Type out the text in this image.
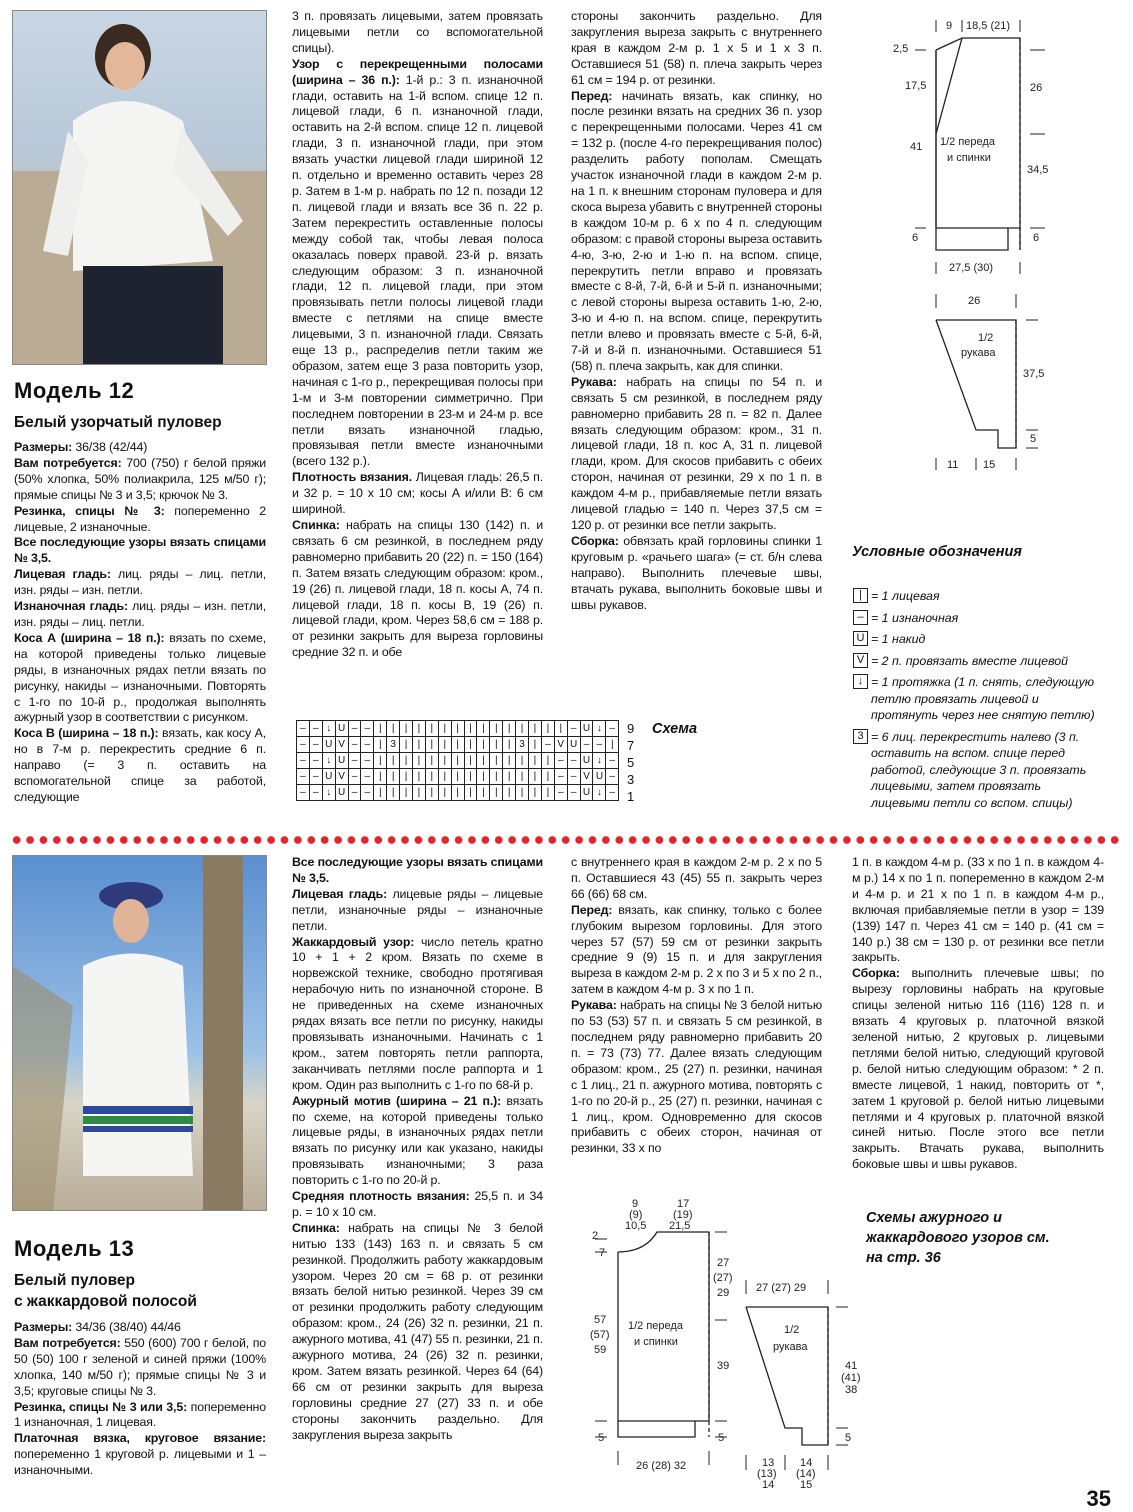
Модель 12
Белый узорчатый пуловер

Размеры: 36/38 (42/44)

Вам потребуется: 700 (750) г белой пряжи (50% хлопка, 50% полиакрила, 125 м/50 г); прямые спицы № 3 и 3,5; крючок № 3.

Резинка, спицы № 3: попеременно 2 лицевые, 2 изнаночные.

Все последующие узоры вязать спицами № 3,5.

Лицевая гладь: лиц. ряды – лиц. петли, изн. ряды – изн. петли.

Изнаночная гладь: лиц. ряды – изн. петли, изн. ряды – лиц. петли.

Коса А (ширина – 18 п.): вязать по схеме, на которой приведены только лицевые ряды, в изнаночных рядах петли вязать по рисунку, накиды – изнаночными. Повторять с 1-го по 10-й р., продолжая выполнять ажурный узор в соответствии с рисунком.

Коса В (ширина – 18 п.): вязать, как косу А, но в 7-м р. перекрестить средние 6 п. направо (= 3 п. оставить на вспомогательной спице за работой, следующие

3 п. провязать лицевыми, затем провязать лицевыми петли со вспомогательной спицы).

Узор с перекрещенными полосами (ширина – 36 п.): 1-й р.: 3 п. изнаночной глади, оставить на 1-й вспом. спице 12 п. лицевой глади, 6 п. изнаночной глади, оставить на 2-й вспом. спице 12 п. лицевой глади, 3 п. изнаночной глади, при этом вязать участки лицевой глади шириной 12 п. отдельно и временно оставить через 28 р. Затем в 1-м р. набрать по 12 п. позади 12 п. лицевой глади и вязать все 36 п. 22 р. Затем перекрестить оставленные полосы между собой так, чтобы левая полоса оказалась поверх правой. 23-й р. вязать следующим образом: 3 п. изнаночной глади, 12 п. лицевой глади, при этом провязывать петли полосы лицевой глади вместе с петлями на спице вместе лицевыми, 3 п. изнаночной глади. Связать еще 13 р., распределив петли таким же образом, затем еще 3 раза повторить узор, начиная с 1-го р., перекрещивая полосы при 1-м и 3-м повторении симметрично. При последнем повторении в 23-м и 24-м р. все петли вязать изнаночной гладью, провязывая петли вместе изнаночными (всего 132 р.).

Плотность вязания. Лицевая гладь: 26,5 п. и 32 р. = 10 х 10 см; косы А и/или В: 6 см шириной.

Спинка: набрать на спицы 130 (142) п. и связать 6 см резинкой, в последнем ряду равномерно прибавить 20 (22) п. = 150 (164) п. Затем вязать следующим образом: кром., 19 (26) п. лицевой глади, 18 п. косы А, 74 п. лицевой глади, 18 п. косы В, 19 (26) п. лицевой глади, кром. Через 58,6 см = 188 р. от резинки закрыть для выреза горловины средние 32 п. и обе

стороны закончить раздельно. Для закругления выреза закрыть с внутреннего края в каждом 2-м р. 1 х 5 и 1 х 3 п. Оставшиеся 51 (58) п. плеча закрыть через 61 см = 194 р. от резинки.

Перед: начинать вязать, как спинку, но после резинки вязать на средних 36 п. узор с перекрещенными полосами. Через 41 см = 132 р. (после 4-го перекрещивания полос) разделить работу пополам. Смещать участок изнаночной глади в каждом 2-м р. на 1 п. к внешним сторонам пуловера и для скоса выреза убавить с внутренней стороны в каждом 10-м р. 6 х по 4 п. следующим образом: с правой стороны выреза оставить 4-ю, 3-ю, 2-ю и 1-ю п. на вспом. спице, перекрутить петли вправо и провязать вместе с 8-й, 7-й, 6-й и 5-й п. изнаночными; с левой стороны выреза оставить 1-ю, 2-ю, 3-ю и 4-ю п. на вспом. спице, перекрутить петли влево и провязать вместе с 5-й, 6-й, 7-й и 8-й п. изнаночными. Оставшиеся 51 (58) п. плеча закрыть, как для спинки.

Рукава: набрать на спицы по 54 п. и связать 5 см резинкой, в последнем ряду равномерно прибавить 28 п. = 82 п. Далее вязать следующим образом: кром., 31 п. лицевой глади, 18 п. кос А, 31 п. лицевой глади, кром. Для скосов прибавить с обеих сторон, начиная от резинки, 29 х по 1 п. в каждом 4-м р., прибавляемые петли вязать лицевой гладью = 140 п. Через 37,5 см = 120 р. от резинки все петли закрыть.

Сборка: обвязать край горловины спинки 1 круговым р. «рачьего шага» (= ст. б/н слева направо). Выполнить плечевые швы, втачать рукава, выполнить боковые швы и швы рукавов.

–	–	↓	U	–	–	|	|	|	|	|	|	|	|	|	|	|	|	|	|	|	–	U	↓	–
–	–	U	V	–	–	|	3	|	|	|	|	|	|	|	|	|	3	|	–	V	U	–	–	|
–	–	↓	U	–	–	|	|	|	|	|	|	|	|	|	|	|	|	|	|	–	–	U	↓	–
–	–	U	V	–	–	|	|	|	|	|	|	|	|	|	|	|	|	|	|	–	–	V	U	–
–	–	↓	U	–	–	|	|	|	|	|	|	|	|	|	|	|	|	|	|	–	–	U	↓	–
9
7
5
3
1
Схема
9 18,5 (21)
2,5
17,5
41
26
34,5
6	6
27,5 (30)
1/2 переда
и спинки
26
1/2
рукава
37,5
5
11 15
Условные обозначения
| = 1 лицевая
– = 1 изнаночная
U = 1 накид
V = 2 п. провязать вместе лицевой
↓ = 1 протяжка (1 п. снять, следующую петлю провязать лицевой и протянуть через нее снятую петлю)
3 = 6 лиц. перекрестить налево (3 п. оставить на вспом. спице перед работой, следующие 3 п. провязать лицевыми, затем провязать лицевыми петли со вспом. спицы)
Модель 13
Белый пуловер
с жаккардовой полосой

Размеры: 34/36 (38/40) 44/46

Вам потребуется: 550 (600) 700 г белой, по 50 (50) 100 г зеленой и синей пряжи (100% хлопка, 140 м/50 г); прямые спицы № 3 и 3,5; круговые спицы № 3.

Резинка, спицы № 3 или 3,5: попеременно 1 изнаночная, 1 лицевая.

Платочная вязка, круговое вязание: попеременно 1 круговой р. лицевыми и 1 – изнаночными.

Все последующие узоры вязать спицами № 3,5.

Лицевая гладь: лицевые ряды – лицевые петли, изнаночные ряды – изнаночные петли.

Жаккардовый узор: число петель кратно 10 + 1 + 2 кром. Вязать по схеме в норвежской технике, свободно протягивая нерабочую нить по изнаночной стороне. В не приведенных на схеме изнаночных рядах вязать все петли по рисунку, накиды провязывать изнаночными. Начинать с 1 кром., затем повторять петли раппорта, заканчивать петлями после раппорта и 1 кром. Один раз выполнить с 1-го по 68-й р.

Ажурный мотив (ширина – 21 п.): вязать по схеме, на которой приведены только лицевые ряды, в изнаночных рядах петли вязать по рисунку или как указано, накиды провязывать изнаночными; 3 раза повторить с 1-го по 20-й р.

Средняя плотность вязания: 25,5 п. и 34 р. = 10 х 10 см.

Спинка: набрать на спицы № 3 белой нитью 133 (143) 163 п. и связать 5 см резинкой. Продолжить работу жаккардовым узором. Через 20 см = 68 р. от резинки вязать белой нитью резинкой. Через 39 см от резинки продолжить работу следующим образом: кром., 24 (26) 32 п. резинки, 21 п. ажурного мотива, 41 (47) 55 п. резинки, 21 п. ажурного мотива, 24 (26) 32 п. резинки, кром. Затем вязать резинкой. Через 64 (64) 66 см от резинки закрыть для выреза горловины средние 27 (27) 33 п. и обе стороны закончить раздельно. Для закругления выреза закрыть

с внутреннего края в каждом 2-м р. 2 х по 5 п. Оставшиеся 43 (45) 55 п. закрыть через 66 (66) 68 см.

Перед: вязать, как спинку, только с более глубоким вырезом горловины. Для этого через 57 (57) 59 см от резинки закрыть средние 9 (9) 15 п. и для закругления выреза в каждом 2-м р. 2 х по 3 и 5 х по 2 п., затем в каждом 4-м р. 3 х по 1 п.

Рукава: набрать на спицы № 3 белой нитью по 53 (53) 57 п. и связать 5 см резинкой, в последнем ряду равномерно прибавить 20 п. = 73 (73) 77. Далее вязать следующим образом: кром., 25 (27) п. резинки, начиная с 1 лиц., 21 п. ажурного мотива, повторять с 1-го по 20-й р., 25 (27) п. резинки, начиная с 1 лиц., кром. Одновременно для скосов прибавить с обеих сторон, начиная от резинки, 33 х по

1 п. в каждом 4-м р. (33 х по 1 п. в каждом 4-м р.) 14 х по 1 п. попеременно в каждом 2-м и 4-м р. и 21 х по 1 п. в каждом 4-м р., включая прибавляемые петли в узор = 139 (139) 147 п. Через 41 см = 140 р. (41 см = 140 р.) 38 см = 130 р. от резинки все петли закрыть.

Сборка: выполнить плечевые швы; по вырезу горловины набрать на круговые спицы зеленой нитью 116 (116) 128 п. и вязать 4 круговых р. платочной вязкой зеленой нитью, 2 круговых р. лицевыми петлями белой нитью, следующий круговой р. белой нитью следующим образом: * 2 п. вместе лицевой, 1 накид, повторить от *, затем 1 круговой р. белой нитью лицевыми петлями и 4 круговых р. платочной вязкой синей нитью. После этого все петли закрыть. Втачать рукава, выполнить боковые швы и швы рукавов.

Схемы ажурного и жаккардового узоров см. на стр. 36
9
(9)
10,5
17
(19)
21,5
2
7
57
(57)
59
27
(27)
29
39
5	5
26 (28) 32
1/2 переда
и спинки
27 (27) 29
1/2
рукава
41
(41)
38
5
13
(13)
14
14
(14)
15
35
